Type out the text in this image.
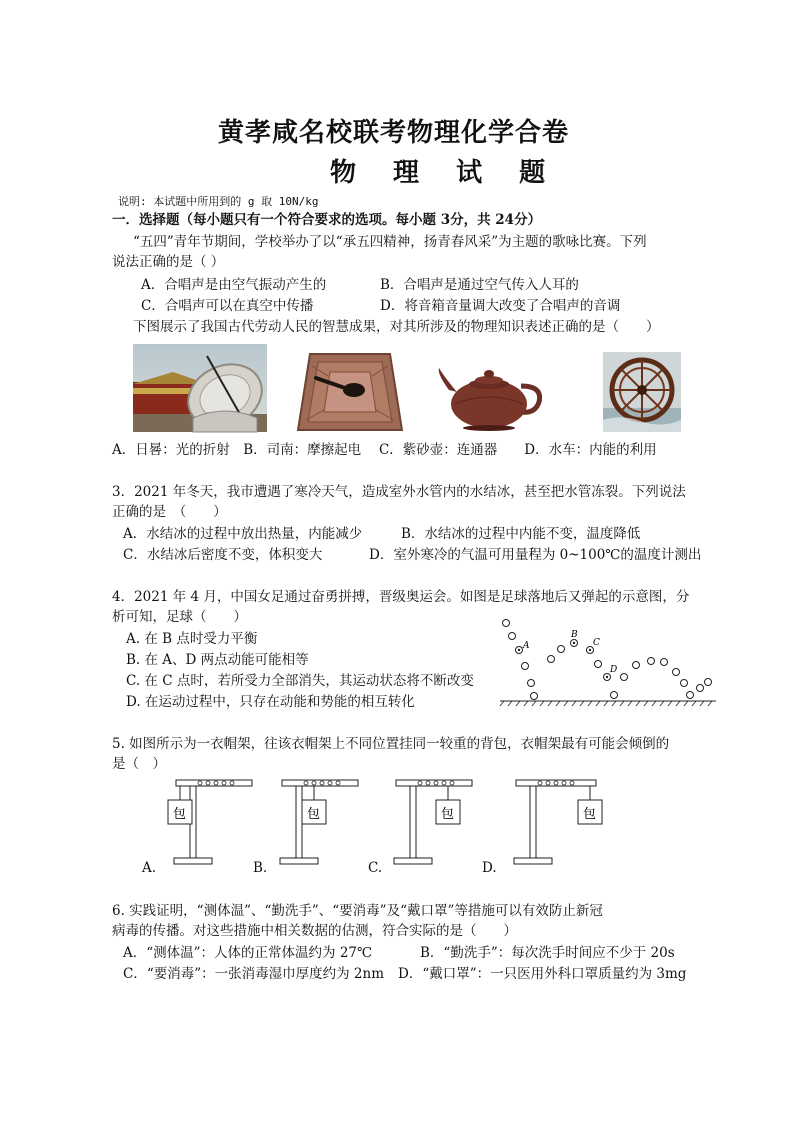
黄孝咸名校联考物理化学合卷
物 理 试 题
说明: 本试题中所用到的 g 取 10N/kg
一．选择题（每小题只有一个符合要求的选项。每小题 3分，共 24分）
“五四”青年节期间，学校举办了以“承五四精神，扬青春风采”为主题的歌咏比赛。下列
说法正确的是（ ）
A．合唱声是由空气振动产生的	B．合唱声是通过空气传入人耳的
C．合唱声可以在真空中传播	D．将音箱音量调大改变了合唱声的音调
下图展示了我国古代劳动人民的智慧成果，对其所涉及的物理知识表述正确的是（　　）
A．日晷：光的折射　B．司南：摩擦起电　 C．紫砂壶：连通器　　D．水车：内能的利用
3．2021 年冬天，我市遭遇了寒冷天气，造成室外水管内的水结冰，甚至把水管冻裂。下列说法
正确的是　（　　）
A．水结冰的过程中放出热量，内能减少	B．水结冰的过程中内能不变，温度降低
C．水结冰后密度不变，体积变大	D．室外寒冷的气温可用量程为 0~100℃的温度计测出
4．2021 年 4 月，中国女足通过奋勇拼搏，晋级奥运会。如图是足球落地后又弹起的示意图，分
析可知，足球（　　）
A. 在 B 点时受力平衡
B. 在 A、D 两点动能可能相等
C. 在 C 点时，若所受力全部消失，其运动状态将不断改变
D. 在运动过程中，只存在动能和势能的相互转化
A
B
C
D
5. 如图所示为一衣帽架，往该衣帽架上不同位置挂同一较重的背包，衣帽架最有可能会倾倒的
是（　）
包	包	包	包
A.	B.	C.	D.
6. 实践证明，“测体温”、“勤洗手”、“要消毒”及“戴口罩”等措施可以有效防止新冠
病毒的传播。对这些措施中相关数据的估测，符合实际的是（　　）
A．“测体温”：人体的正常体温约为 27℃	B．“勤洗手”：每次洗手时间应不少于 20s
C．“要消毒”：一张消毒湿巾厚度约为 2nm D．“戴口罩”：一只医用外科口罩质量约为 3mg
